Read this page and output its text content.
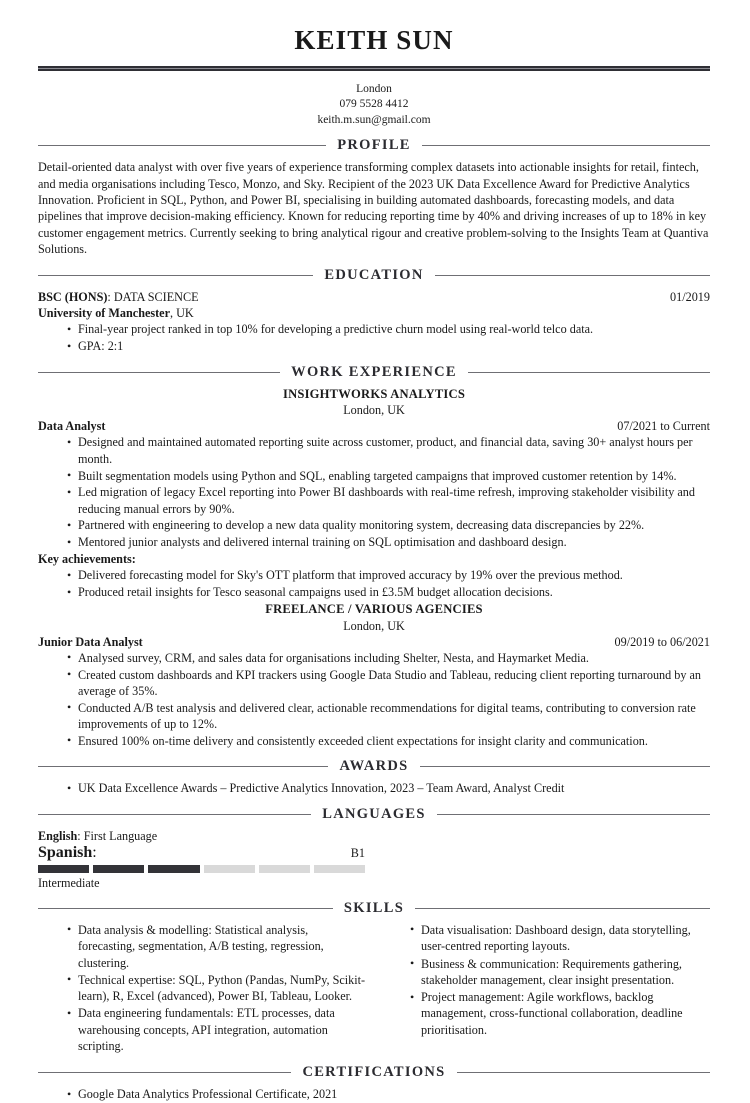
KEITH SUN
London
079 5528 4412
keith.m.sun@gmail.com
PROFILE

Detail-oriented data analyst with over five years of experience transforming complex datasets into actionable insights for retail, fintech, and media organisations including Tesco, Monzo, and Sky. Recipient of the 2023 UK Data Excellence Award for Predictive Analytics Innovation. Proficient in SQL, Python, and Power BI, specialising in building automated dashboards, forecasting models, and data pipelines that improve decision-making efficiency. Known for reducing reporting time by 40% and driving increases of up to 18% in key customer engagement metrics. Currently seeking to bring analytical rigour and creative problem-solving to the Insights Team at Quantiva Solutions.

EDUCATION
BSC (HONS): DATA SCIENCE	01/2019
University of Manchester, UK
• Final-year project ranked in top 10% for developing a predictive churn model using real-world telco data.
• GPA: 2:1
WORK EXPERIENCE
INSIGHTWORKS ANALYTICS
London, UK
Data Analyst	07/2021 to Current
• Designed and maintained automated reporting suite across customer, product, and financial data, saving 30+ analyst hours per month.
• Built segmentation models using Python and SQL, enabling targeted campaigns that improved customer retention by 14%.
• Led migration of legacy Excel reporting into Power BI dashboards with real-time refresh, improving stakeholder visibility and reducing manual errors by 90%.
• Partnered with engineering to develop a new data quality monitoring system, decreasing data discrepancies by 22%.
• Mentored junior analysts and delivered internal training on SQL optimisation and dashboard design.
Key achievements:
• Delivered forecasting model for Sky's OTT platform that improved accuracy by 19% over the previous method.
• Produced retail insights for Tesco seasonal campaigns used in £3.5M budget allocation decisions.
FREELANCE / VARIOUS AGENCIES
London, UK
Junior Data Analyst	09/2019 to 06/2021
• Analysed survey, CRM, and sales data for organisations including Shelter, Nesta, and Haymarket Media.
• Created custom dashboards and KPI trackers using Google Data Studio and Tableau, reducing client reporting turnaround by an average of 35%.
• Conducted A/B test analysis and delivered clear, actionable recommendations for digital teams, contributing to conversion rate improvements of up to 12%.
• Ensured 100% on-time delivery and consistently exceeded client expectations for insight clarity and communication.
AWARDS
• UK Data Excellence Awards – Predictive Analytics Innovation, 2023 – Team Award, Analyst Credit
LANGUAGES
English: First Language
Spanish :	B1
Intermediate
SKILLS
• Data analysis & modelling: Statistical analysis, forecasting, segmentation, A/B testing, regression, clustering.
• Technical expertise: SQL, Python (Pandas, NumPy, Scikit-learn), R, Excel (advanced), Power BI, Tableau, Looker.
• Data engineering fundamentals: ETL processes, data warehousing concepts, API integration, automation scripting.
• Data visualisation: Dashboard design, data storytelling, user-centred reporting layouts.
• Business & communication: Requirements gathering, stakeholder management, clear insight presentation.
• Project management: Agile workflows, backlog management, cross-functional collaboration, deadline prioritisation.
CERTIFICATIONS
• Google Data Analytics Professional Certificate, 2021
